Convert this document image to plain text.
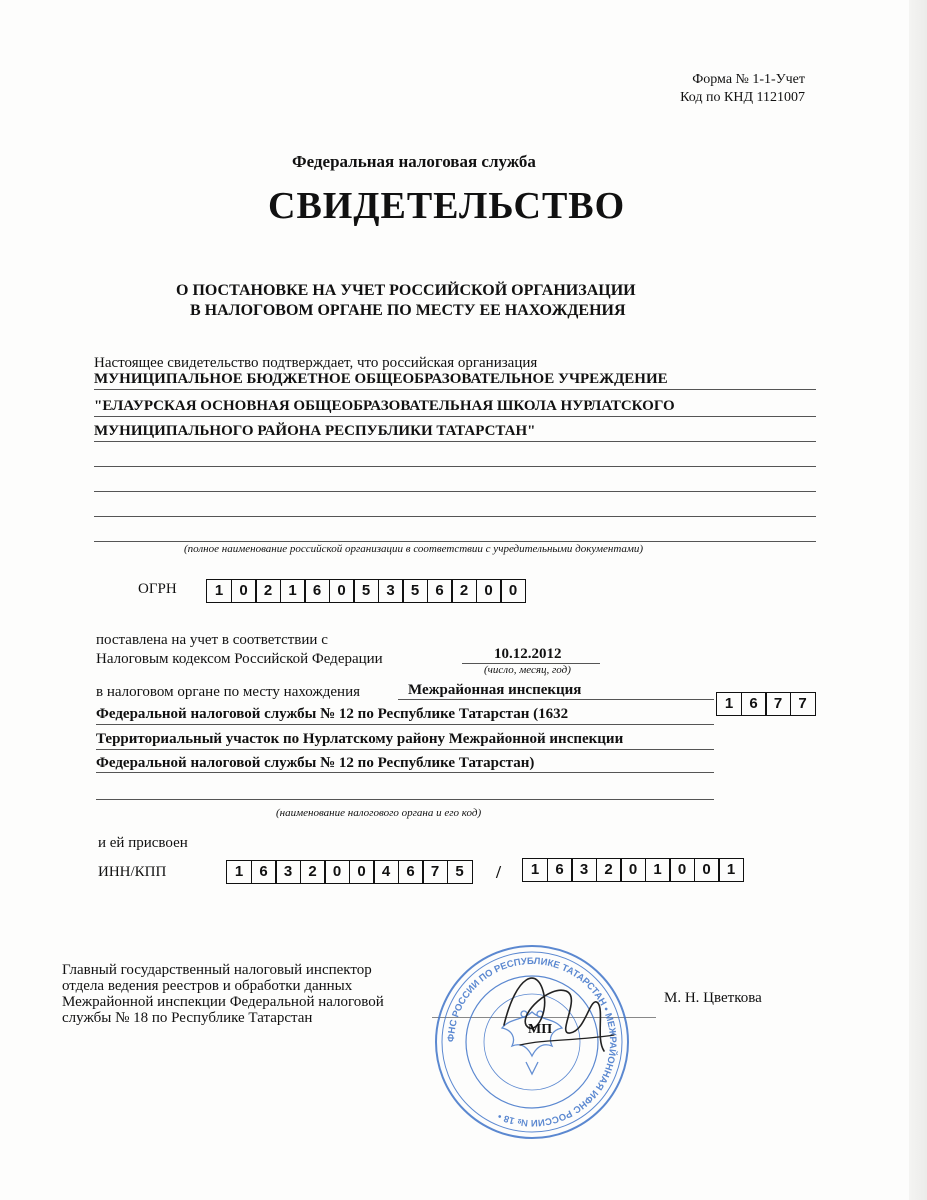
Форма № 1-1-Учет
Код по КНД 1121007
Федеральная налоговая служба
СВИДЕТЕЛЬСТВО
О ПОСТАНОВКЕ НА УЧЕТ РОССИЙСКОЙ ОРГАНИЗАЦИИ
В НАЛОГОВОМ ОРГАНЕ ПО МЕСТУ ЕЕ НАХОЖДЕНИЯ
Настоящее свидетельство подтверждает, что российская организация
МУНИЦИПАЛЬНОЕ БЮДЖЕТНОЕ ОБЩЕОБРАЗОВАТЕЛЬНОЕ УЧРЕЖДЕНИЕ
"ЕЛАУРСКАЯ ОСНОВНАЯ ОБЩЕОБРАЗОВАТЕЛЬНАЯ ШКОЛА НУРЛАТСКОГО
МУНИЦИПАЛЬНОГО РАЙОНА РЕСПУБЛИКИ ТАТАРСТАН"
(полное наименование российской организации в соответствии с учредительными документами)
ОГРН	1	0	2	1	6	0	5	3	5	6	2	0	0
поставлена на учет в соответствии с
Налоговым кодексом Российской Федерации	10.12.2012
(число, месяц, год)
в налоговом органе по месту нахождения	Межрайонная инспекция
Федеральной налоговой службы № 12 по Республике Татарстан (1632
Территориальный участок по Нурлатскому району Межрайонной инспекции
Федеральной налоговой службы № 12 по Республике Татарстан)
(наименование налогового органа и его код)
1	6	7	7
и ей присвоен
ИНН/КПП	1	6	3	2	0	0	4	6	7	5	/	1	6	3	2	0	1	0	0	1
Главный государственный налоговый инспектор
отдела ведения реестров и обработки данных
Межрайонной инспекции Федеральной налоговой
службы № 18 по Республике Татарстан
М. Н. Цветкова
ФНС РОССИИ ПО РЕСПУБЛИКЕ ТАТАРСТАН • МЕЖРАЙОННАЯ ИФНС РОССИИ № 18 •
МП
